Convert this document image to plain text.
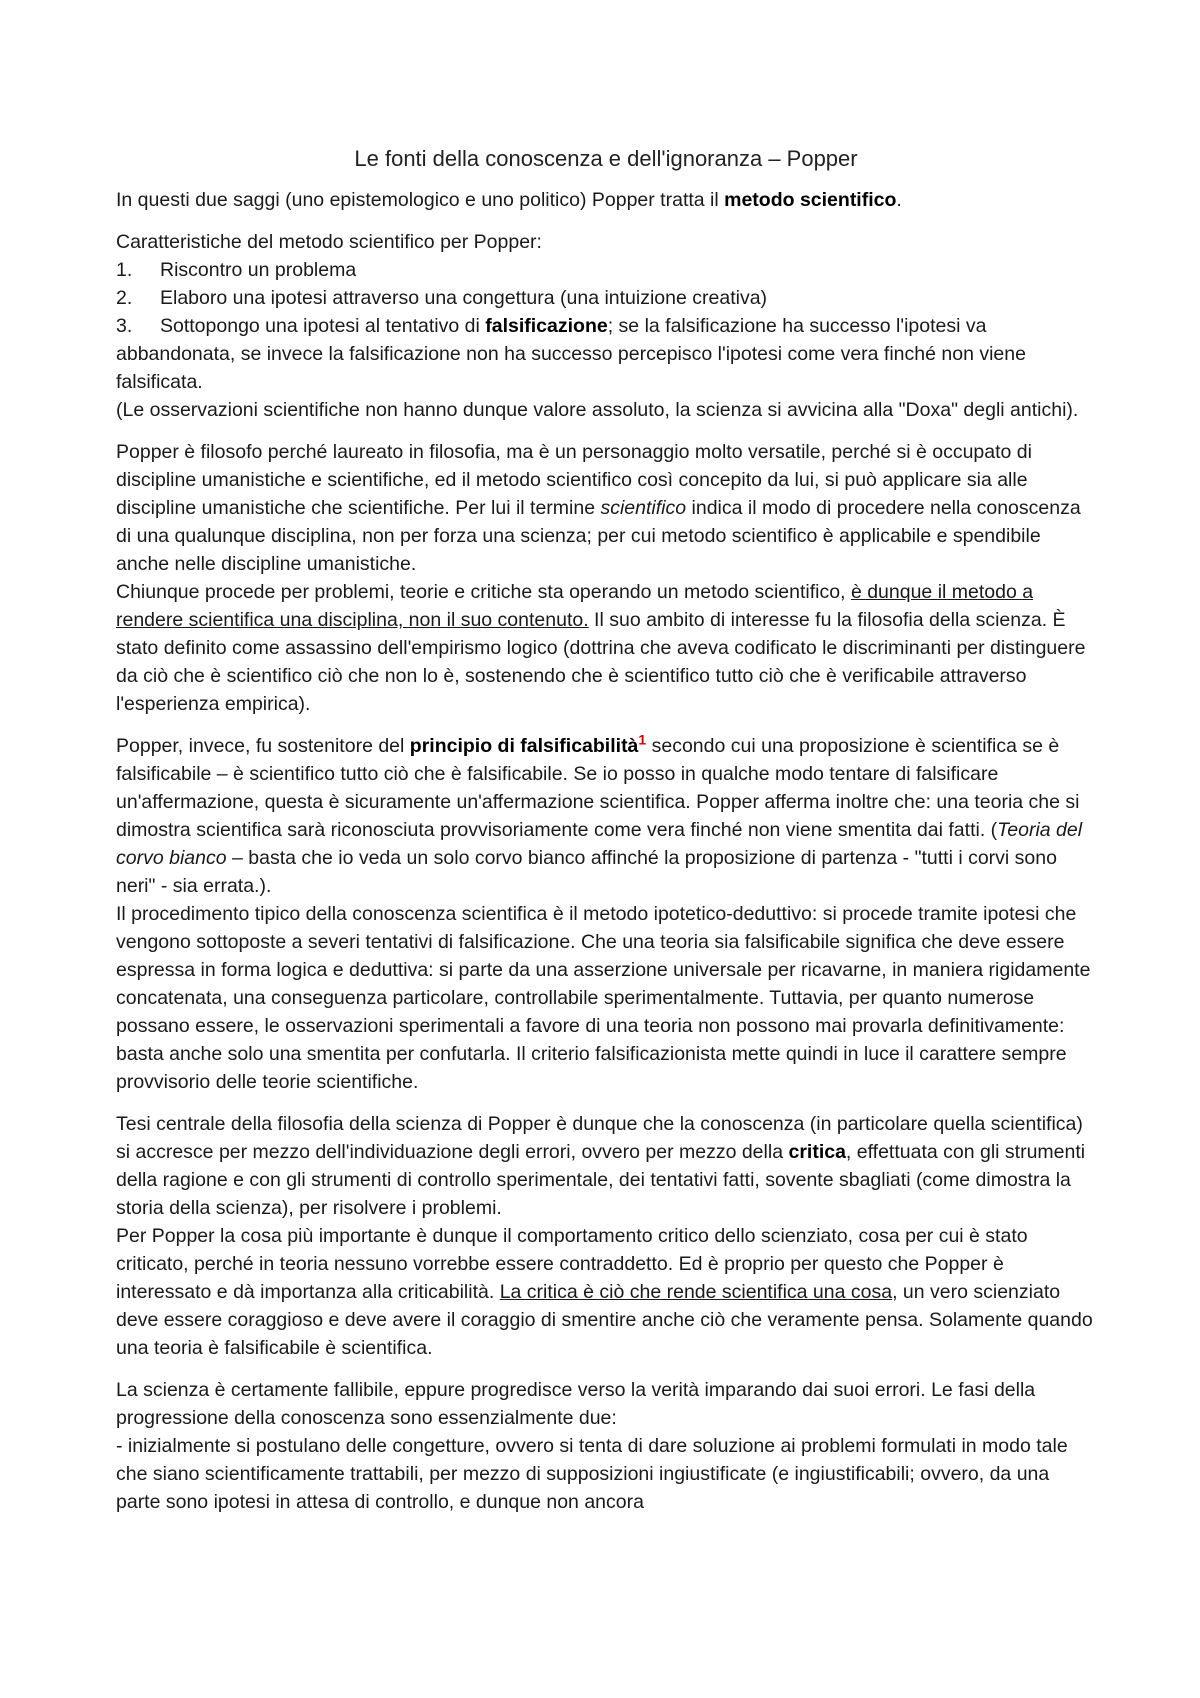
Le fonti della conoscenza e dell'ignoranza – Popper

In questi due saggi (uno epistemologico e uno politico) Popper tratta il metodo scientifico.

Caratteristiche del metodo scientifico per Popper:
1. Riscontro un problema
2. Elaboro una ipotesi attraverso una congettura (una intuizione creativa)
3. Sottopongo una ipotesi al tentativo di falsificazione; se la falsificazione ha successo l'ipotesi va abbandonata, se invece la falsificazione non ha successo percepisco l'ipotesi come vera finché non viene falsificata.
(Le osservazioni scientifiche non hanno dunque valore assoluto, la scienza si avvicina alla "Doxa" degli antichi).

Popper è filosofo perché laureato in filosofia, ma è un personaggio molto versatile, perché si è occupato di discipline umanistiche e scientifiche, ed il metodo scientifico così concepito da lui, si può applicare sia alle discipline umanistiche che scientifiche. Per lui il termine scientifico indica il modo di procedere nella conoscenza di una qualunque disciplina, non per forza una scienza; per cui metodo scientifico è applicabile e spendibile anche nelle discipline umanistiche.
Chiunque procede per problemi, teorie e critiche sta operando un metodo scientifico, è dunque il metodo a rendere scientifica una disciplina, non il suo contenuto. Il suo ambito di interesse fu la filosofia della scienza. È stato definito come assassino dell'empirismo logico (dottrina che aveva codificato le discriminanti per distinguere da ciò che è scientifico ciò che non lo è, sostenendo che è scientifico tutto ciò che è verificabile attraverso l'esperienza empirica).

Popper, invece, fu sostenitore del principio di falsificabilità$^1$ secondo cui una proposizione è scientifica se è falsificabile – è scientifico tutto ciò che è falsificabile. Se io posso in qualche modo tentare di falsificare un'affermazione, questa è sicuramente un'affermazione scientifica. Popper afferma inoltre che: una teoria che si dimostra scientifica sarà riconosciuta provvisoriamente come vera finché non viene smentita dai fatti. (Teoria del corvo bianco – basta che io veda un solo corvo bianco affinché la proposizione di partenza - "tutti i corvi sono neri" - sia errata.).
Il procedimento tipico della conoscenza scientifica è il metodo ipotetico-deduttivo: si procede tramite ipotesi che vengono sottoposte a severi tentativi di falsificazione. Che una teoria sia falsificabile significa che deve essere espressa in forma logica e deduttiva: si parte da una asserzione universale per ricavarne, in maniera rigidamente concatenata, una conseguenza particolare, controllabile sperimentalmente. Tuttavia, per quanto numerose possano essere, le osservazioni sperimentali a favore di una teoria non possono mai provarla definitivamente: basta anche solo una smentita per confutarla. Il criterio falsificazionista mette quindi in luce il carattere sempre provvisorio delle teorie scientifiche.

Tesi centrale della filosofia della scienza di Popper è dunque che la conoscenza (in particolare quella scientifica) si accresce per mezzo dell'individuazione degli errori, ovvero per mezzo della critica, effettuata con gli strumenti della ragione e con gli strumenti di controllo sperimentale, dei tentativi fatti, sovente sbagliati (come dimostra la storia della scienza), per risolvere i problemi.
Per Popper la cosa più importante è dunque il comportamento critico dello scienziato, cosa per cui è stato criticato, perché in teoria nessuno vorrebbe essere contraddetto. Ed è proprio per questo che Popper è interessato e dà importanza alla criticabilità. La critica è ciò che rende scientifica una cosa, un vero scienziato deve essere coraggioso e deve avere il coraggio di smentire anche ciò che veramente pensa. Solamente quando una teoria è falsificabile è scientifica.

La scienza è certamente fallibile, eppure progredisce verso la verità imparando dai suoi errori. Le fasi della progressione della conoscenza sono essenzialmente due:
- inizialmente si postulano delle congetture, ovvero si tenta di dare soluzione ai problemi formulati in modo tale che siano scientificamente trattabili, per mezzo di supposizioni ingiustificate (e ingiustificabili; ovvero, da una parte sono ipotesi in attesa di controllo, e dunque non ancora
